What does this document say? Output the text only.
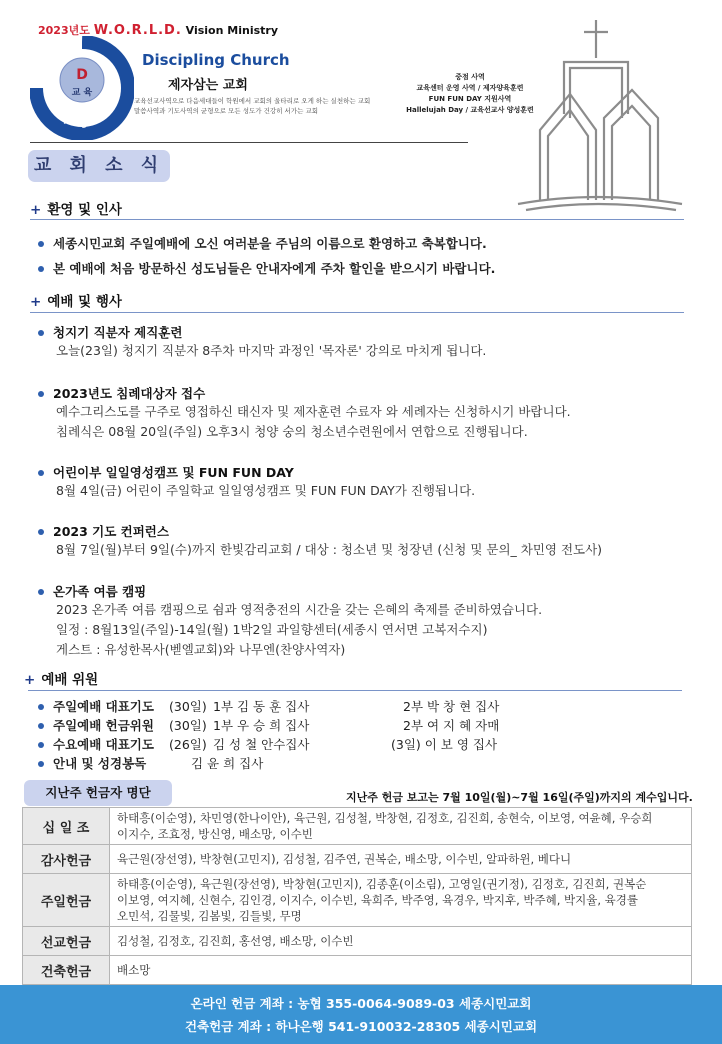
2023년도 W.O.R.L.D. Vision Ministry
D
교 육
Discipling Church
Discipling Church
제자삼는 교회
교육선교사역으로 다음세대들이 학원에서 교회의 울타리로 오게 하는 실천하는 교회
말씀사역과 기도사역의 균형으로 모든 성도가 건강히 서가는 교회
중점 사역
교육센터 운영 사역 / 제자양육훈련
FUN FUN DAY 지원사역
Hallelujah Day / 교육선교사 양성훈련
교 회 소 식
+ 환영 및 인사
세종시민교회 주일예배에 오신 여러분을 주님의 이름으로 환영하고 축복합니다.
본 예배에 처음 방문하신 성도님들은 안내자에게 주차 할인을 받으시기 바랍니다.
+ 예배 및 행사
청지기 직분자 제직훈련
오늘(23일) 청지기 직분자 8주차 마지막 과정인 '목자론' 강의로 마치게 됩니다.
2023년도 침례대상자 접수
예수그리스도를 구주로 영접하신 태신자 및 제자훈련 수료자 와 세례자는 신청하시기 바랍니다.
침례식은 08월 20일(주일) 오후3시 청양 숭의 청소년수련원에서 연합으로 진행됩니다.
어린이부 일일영성캠프 및 FUN FUN DAY
8월 4일(금) 어린이 주일학교 일일영성캠프 및 FUN FUN DAY가 진행됩니다.
2023 기도 컨퍼런스
8월 7일(월)부터 9일(수)까지 한빛감리교회 / 대상 : 청소년 및 청장년 (신청 및 문의_ 차민영 전도사)
온가족 여름 캠핑
2023 온가족 여름 캠핑으로 쉼과 영적충전의 시간을 갖는 은혜의 축제를 준비하였습니다.
일정 : 8월13일(주일)-14일(월) 1박2일 과일향센터(세종시 연서면 고복저수지)
게스트 : 유성한목사(벧엘교회)와 나무엔(찬양사역자)
+ 예배 위원
주일예배 대표기도 (30일) 1부 김 동 훈 집사	2부 박 창 현 집사
주일예배 헌금위원 (30일) 1부 우 승 희 집사	2부 여 지 혜 자매
수요예배 대표기도 (26일) 김 성 철 안수집사	(3일) 이 보 영 집사
안내 및 성경봉독	김 윤 희 집사
지난주 헌금자 명단	지난주 헌금 보고는 7월 10일(월)~7월 16일(주일)까지의 계수입니다.
십 일 조	하태흥(이순영), 차민영(한나이안), 육근원, 김성철, 박창현, 김정호, 김진희, 송현숙, 이보영, 여윤혜, 우승희
이지수, 조효정, 방신영, 배소망, 이수빈

감사헌금	육근원(장선영), 박창현(고민지), 김성철, 김주연, 권복순, 배소망, 이수빈, 알파하윈, 베다니

주일헌금	하태흥(이순영), 육근원(장선영), 박창현(고민지), 김종훈(이소림), 고영일(권기정), 김정호, 김진희, 권복순
이보영, 여지혜, 신현수, 김인경, 이지수, 이수빈, 육희주, 박주영, 육경우, 박지후, 박주혜, 박지율, 육경률
오민석, 김물빛, 김봄빛, 김들빛, 무명

선교헌금	김성철, 김정호, 김진희, 홍선영, 배소망, 이수빈

건축헌금	배소망
온라인 헌금 계좌 : 농협 355-0064-9089-03 세종시민교회
건축헌금 계좌 : 하나은행 541-910032-28305 세종시민교회
